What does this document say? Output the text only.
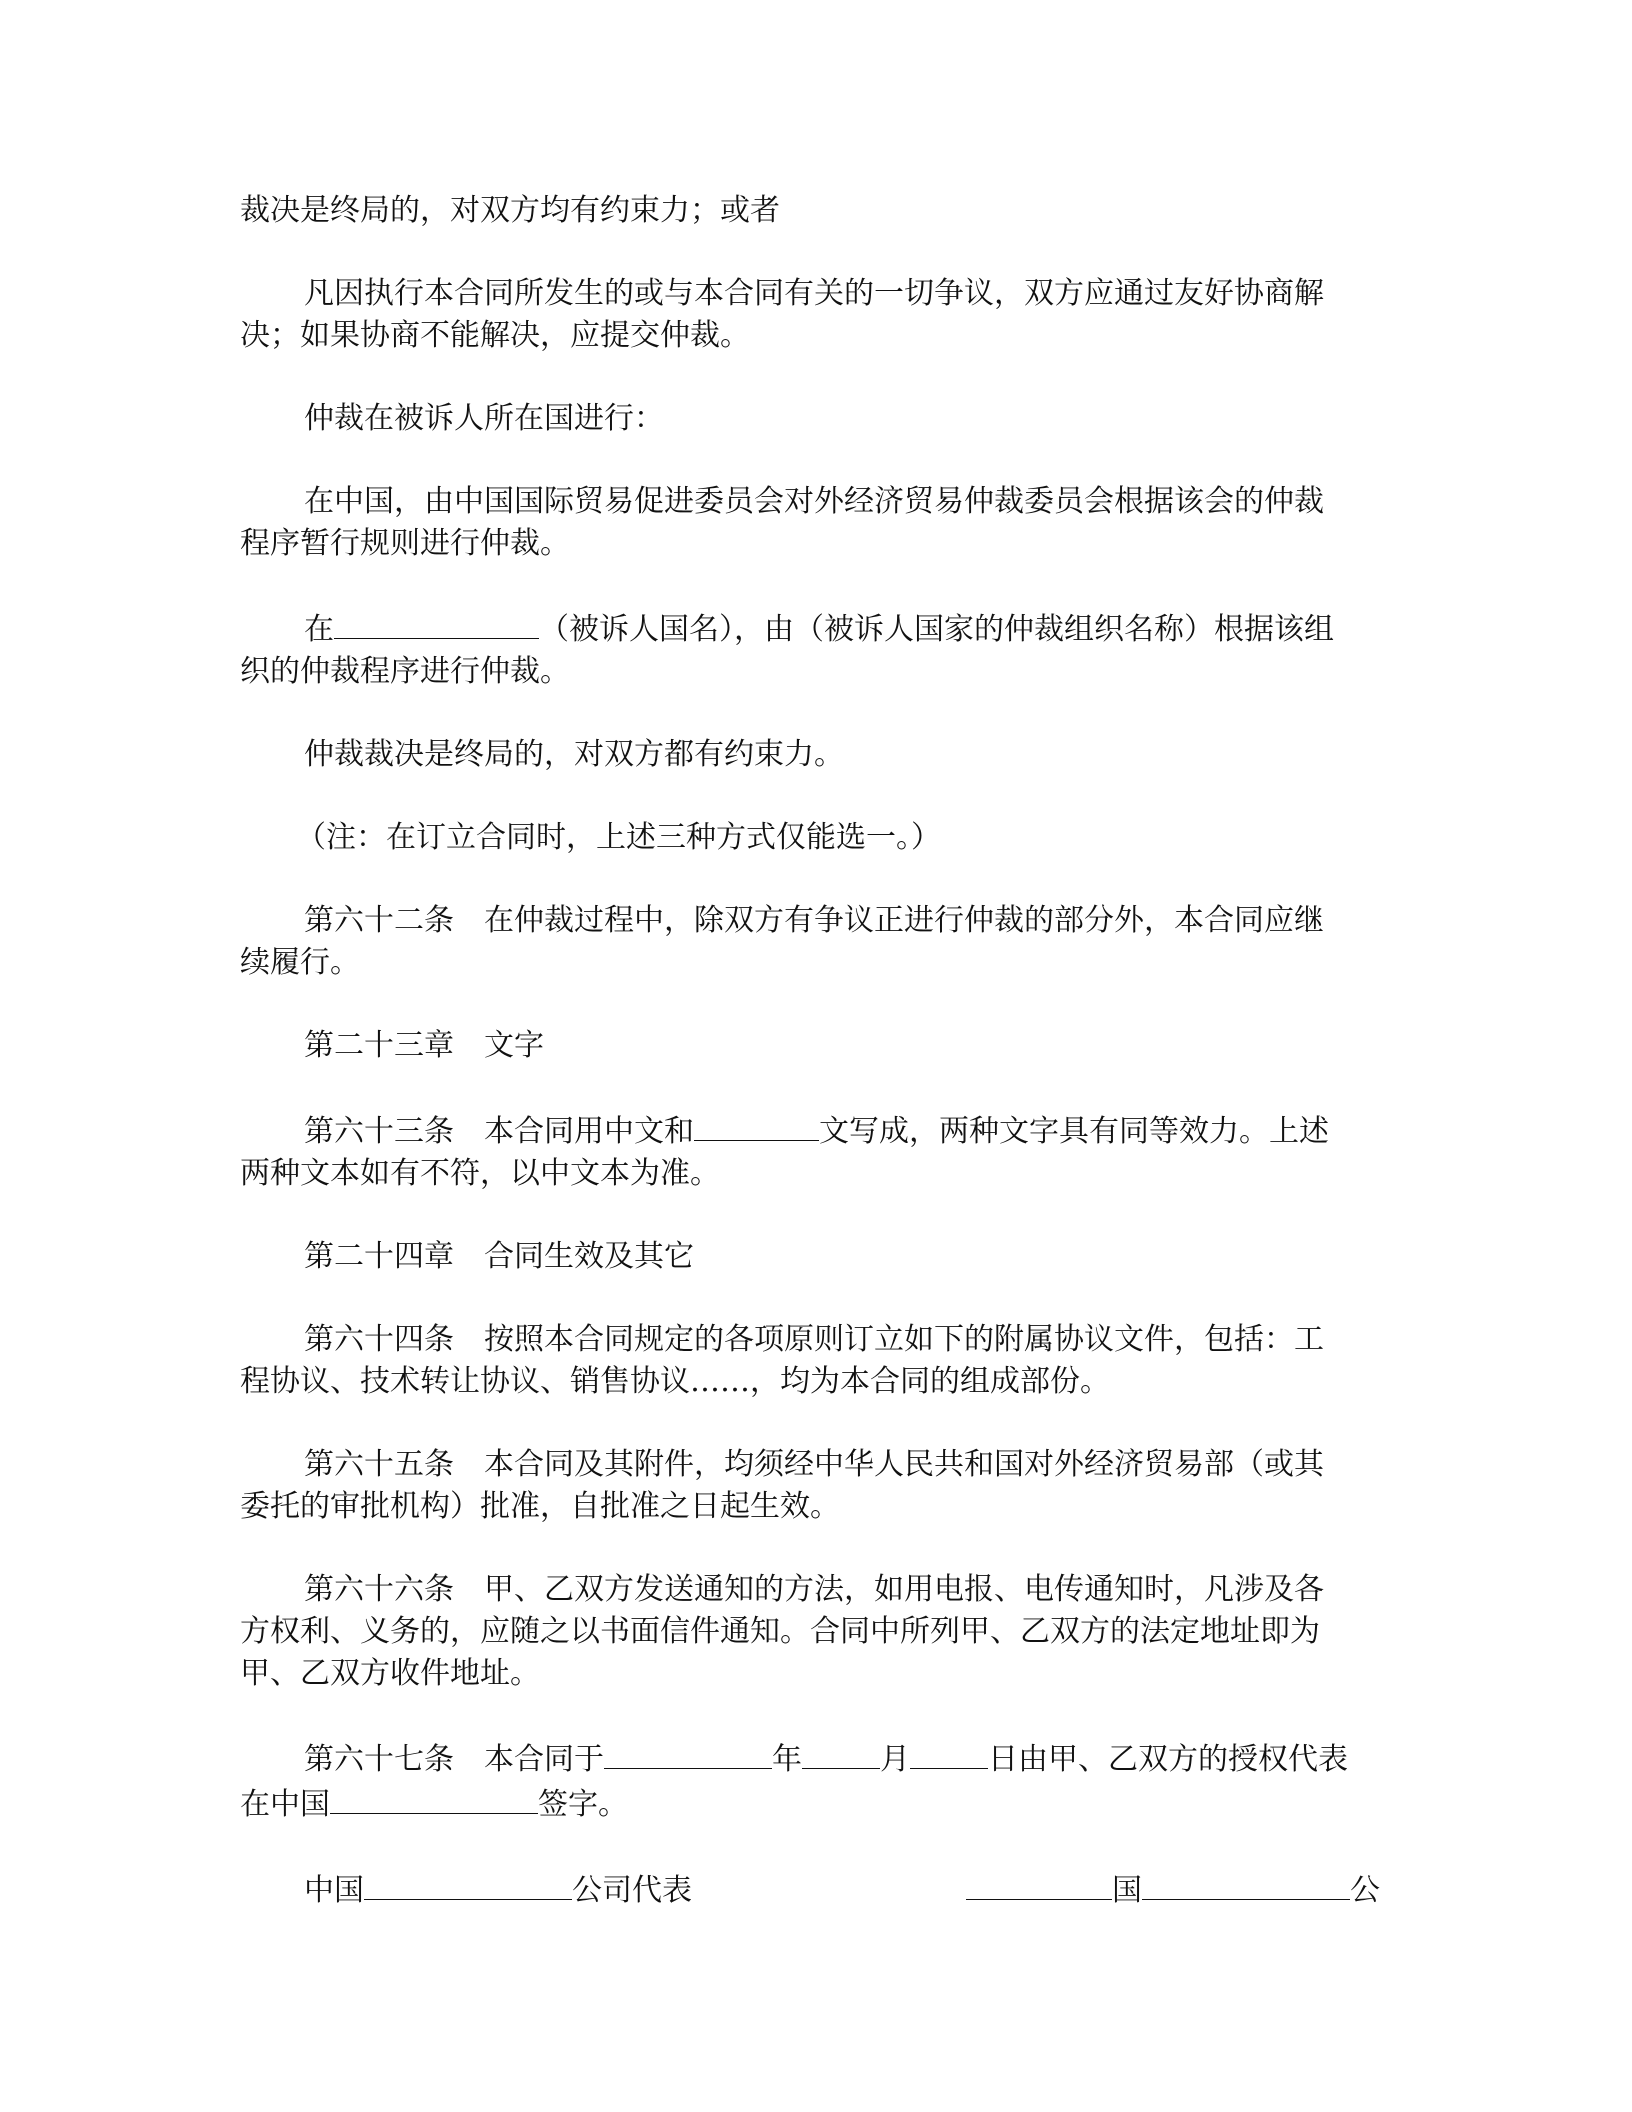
裁决是终局的，对双方均有约束力；或者
凡因执行本合同所发生的或与本合同有关的一切争议，双方应通过友好协商解
决；如果协商不能解决，应提交仲裁。
仲裁在被诉人所在国进行：
在中国，由中国国际贸易促进委员会对外经济贸易仲裁委员会根据该会的仲裁
程序暂行规则进行仲裁。
在	（被诉人国名），由（被诉人国家的仲裁组织名称）根据该组
织的仲裁程序进行仲裁。
仲裁裁决是终局的，对双方都有约束力。
（注：在订立合同时，上述三种方式仅能选一。）
第六十二条　在仲裁过程中，除双方有争议正进行仲裁的部分外，本合同应继
续履行。
第二十三章　文字
第六十三条　本合同用中文和	文写成，两种文字具有同等效力。上述
两种文本如有不符，以中文本为准。
第二十四章　合同生效及其它
第六十四条　按照本合同规定的各项原则订立如下的附属协议文件，包括：工
程协议、技术转让协议、销售协议……，均为本合同的组成部份。
第六十五条　本合同及其附件，均须经中华人民共和国对外经济贸易部（或其
委托的审批机构）批准，自批准之日起生效。
第六十六条　甲、乙双方发送通知的方法，如用电报、电传通知时，凡涉及各
方权利、义务的，应随之以书面信件通知。合同中所列甲、乙双方的法定地址即为
甲、乙双方收件地址。
第六十七条　本合同于	年	月	日由甲、乙双方的授权代表
在中国	签字。
中国	公司代表	国	公
